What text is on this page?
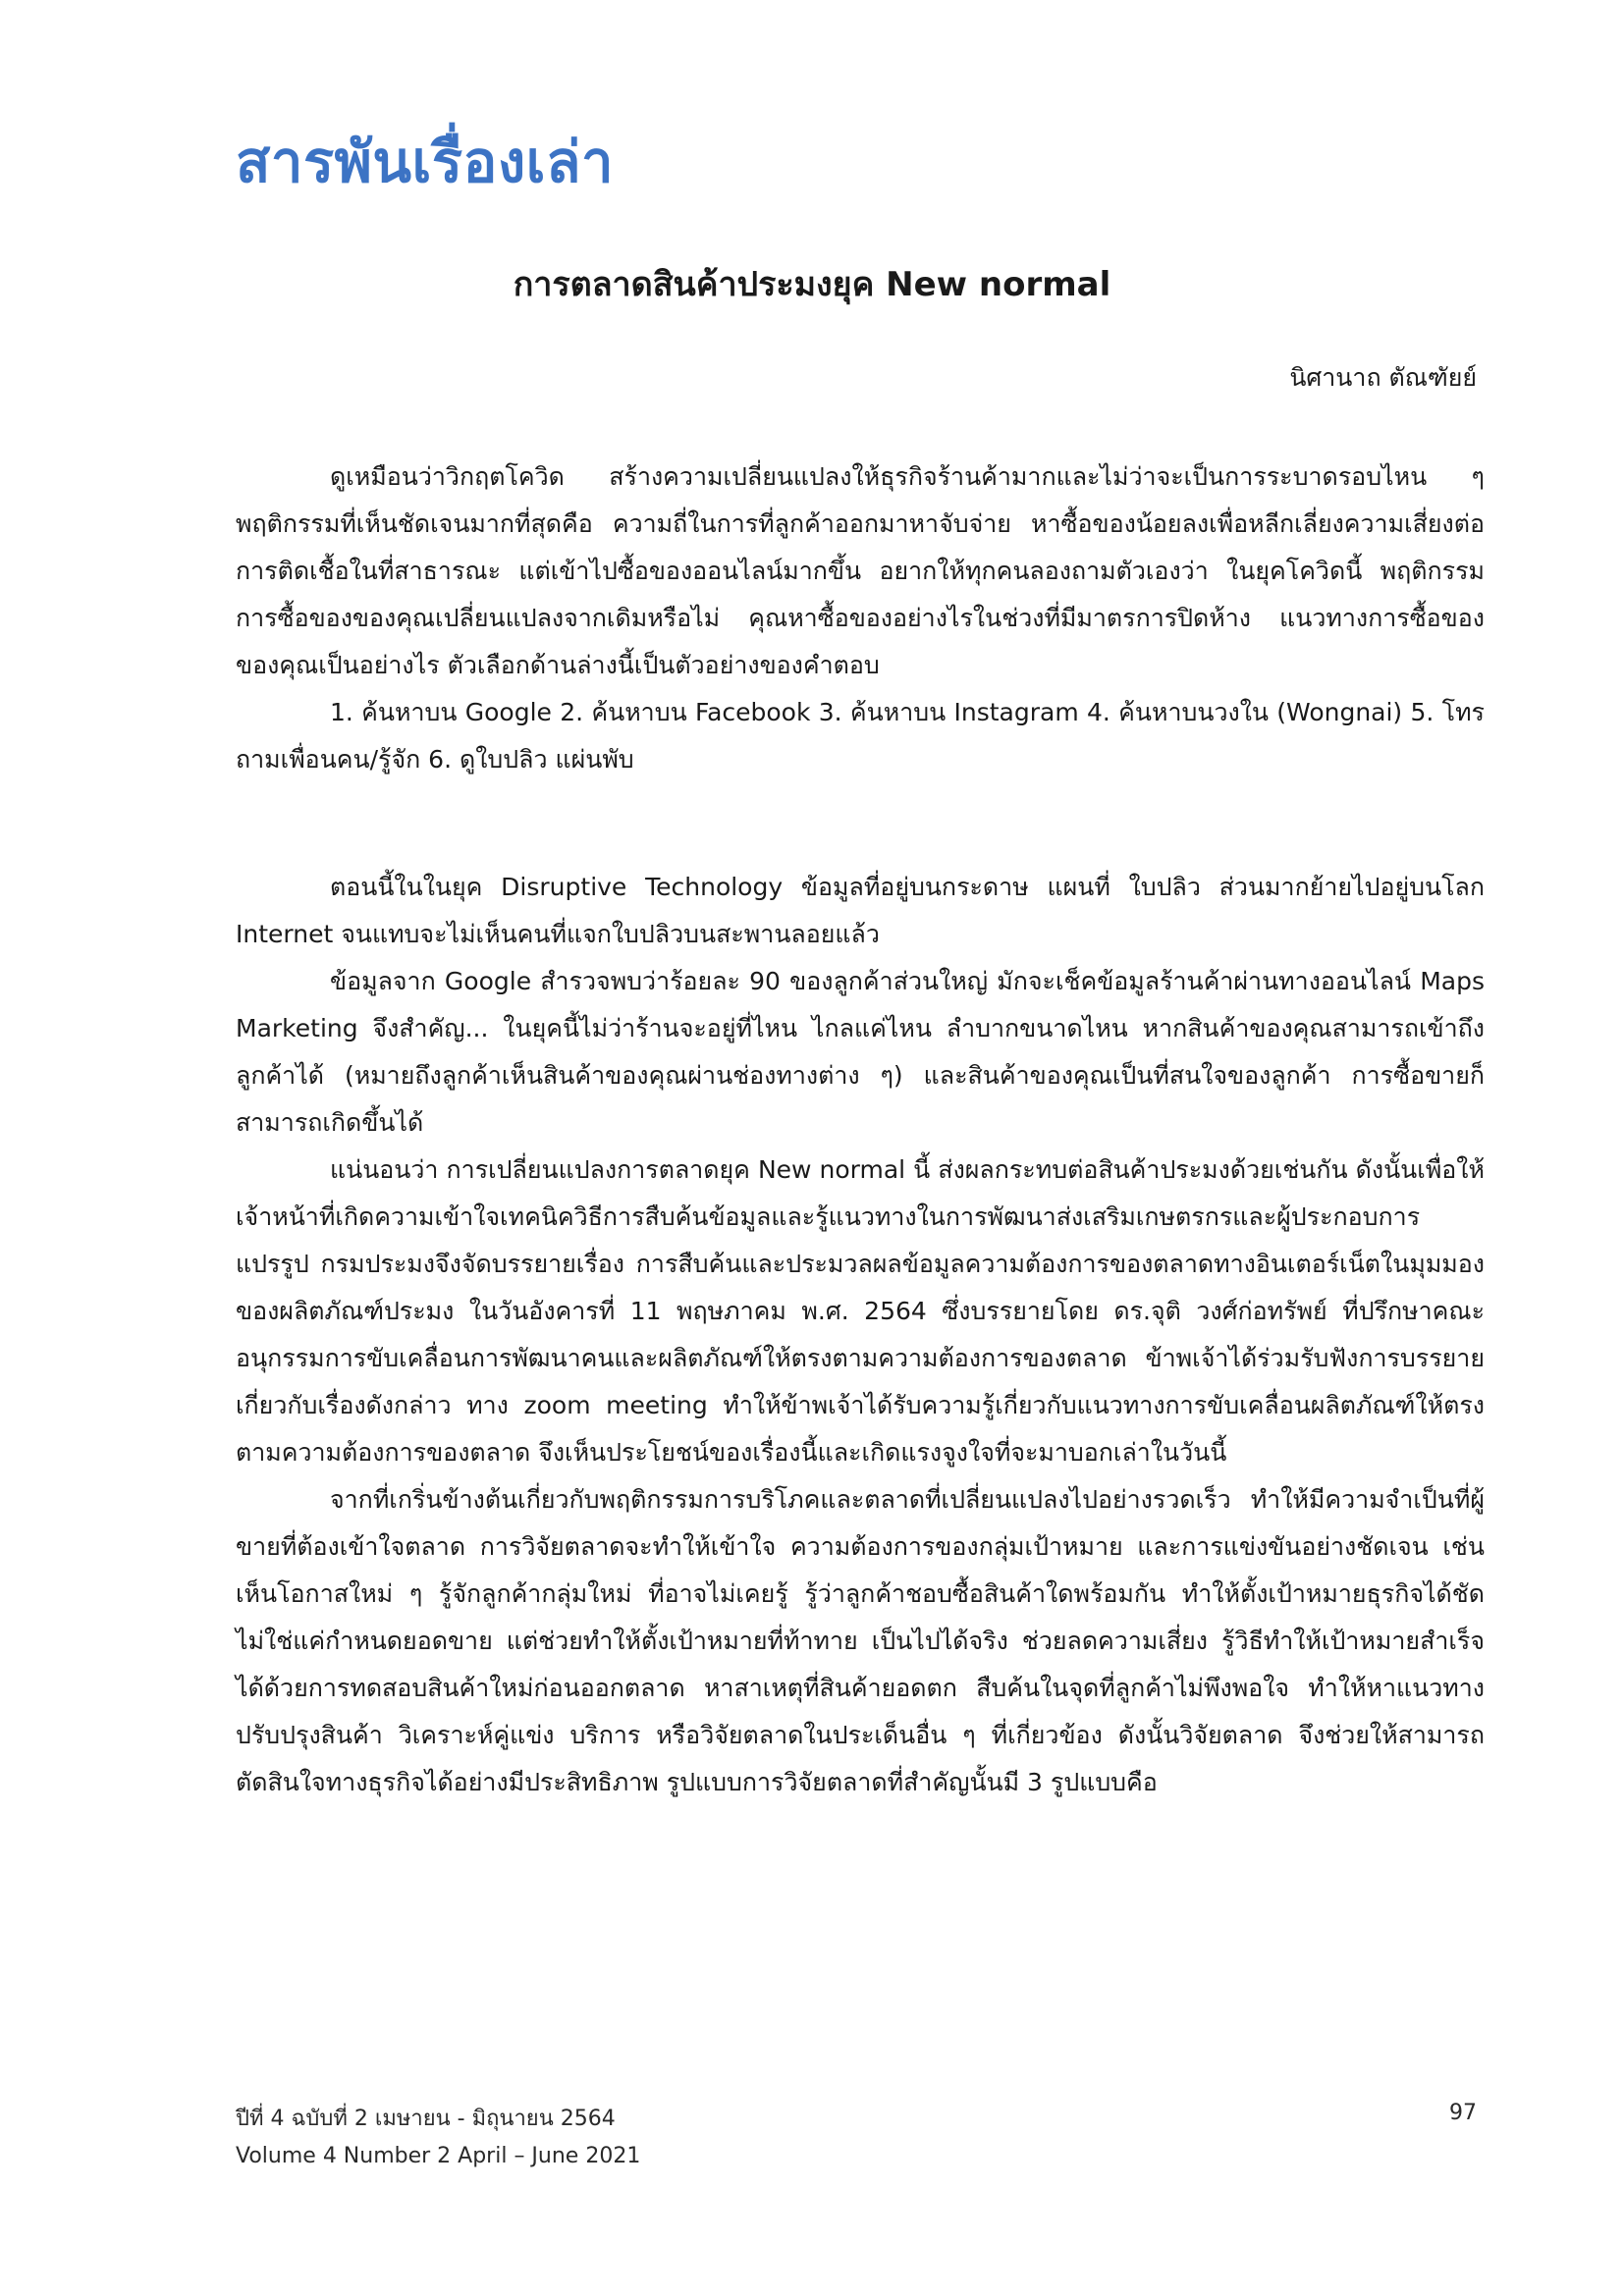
สารพันเรื่องเล่า
การตลาดสินค้าประมงยุค New normal

นิศานาถ ตัณฑัยย์

ดูเหมือนว่าวิกฤตโควิด สร้างความเปลี่ยนแปลงให้ธุรกิจร้านค้ามากและไม่ว่าจะเป็นการระบาดรอบไหน ๆ พฤติกรรมที่เห็นชัดเจนมากที่สุดคือ ความถี่ในการที่ลูกค้าออกมาหาจับจ่าย หาซื้อของน้อยลงเพื่อหลีกเลี่ยงความเสี่ยงต่อการติดเชื้อในที่สาธารณะ แต่เข้าไปซื้อของออนไลน์มากขึ้น อยากให้ทุกคนลองถามตัวเองว่า ในยุคโควิดนี้ พฤติกรรมการซื้อของของคุณเปลี่ยนแปลงจากเดิมหรือไม่ คุณหาซื้อของอย่างไรในช่วงที่มีมาตรการปิดห้าง แนวทางการซื้อของของคุณเป็นอย่างไร ตัวเลือกด้านล่างนี้เป็นตัวอย่างของคำตอบ

1. ค้นหาบน Google 2. ค้นหาบน Facebook 3. ค้นหาบน Instagram 4. ค้นหาบนวงใน (Wongnai) 5. โทรถามเพื่อนคน/รู้จัก 6. ดูใบปลิว แผ่นพับ

ตอนนี้ในในยุค Disruptive Technology ข้อมูลที่อยู่บนกระดาษ แผนที่ ใบปลิว ส่วนมากย้ายไปอยู่บนโลก Internet จนแทบจะไม่เห็นคนที่แจกใบปลิวบนสะพานลอยแล้ว

ข้อมูลจาก Google สำรวจพบว่าร้อยละ 90 ของลูกค้าส่วนใหญ่ มักจะเช็คข้อมูลร้านค้าผ่านทางออนไลน์ Maps Marketing จึงสำคัญ... ในยุคนี้ไม่ว่าร้านจะอยู่ที่ไหน ไกลแค่ไหน ลำบากขนาดไหน หากสินค้าของคุณสามารถเข้าถึงลูกค้าได้ (หมายถึงลูกค้าเห็นสินค้าของคุณผ่านช่องทางต่าง ๆ) และสินค้าของคุณเป็นที่สนใจของลูกค้า การซื้อขายก็สามารถเกิดขึ้นได้

แน่นอนว่า การเปลี่ยนแปลงการตลาดยุค New normal นี้ ส่งผลกระทบต่อสินค้าประมงด้วยเช่นกัน ดังนั้นเพื่อให้เจ้าหน้าที่เกิดความเข้าใจเทคนิควิธีการสืบค้นข้อมูลและรู้แนวทางในการพัฒนาส่งเสริมเกษตรกรและผู้ประกอบการแปรรูป กรมประมงจึงจัดบรรยายเรื่อง การสืบค้นและประมวลผลข้อมูลความต้องการของตลาดทางอินเตอร์เน็ตในมุมมองของผลิตภัณฑ์ประมง ในวันอังคารที่ 11 พฤษภาคม พ.ศ. 2564 ซึ่งบรรยายโดย ดร.จุติ วงศ์ก่อทรัพย์ ที่ปรึกษาคณะอนุกรรมการขับเคลื่อนการพัฒนาคนและผลิตภัณฑ์ให้ตรงตามความต้องการของตลาด ข้าพเจ้าได้ร่วมรับฟังการบรรยายเกี่ยวกับเรื่องดังกล่าว ทาง zoom meeting ทำให้ข้าพเจ้าได้รับความรู้เกี่ยวกับแนวทางการขับเคลื่อนผลิตภัณฑ์ให้ตรงตามความต้องการของตลาด จึงเห็นประโยชน์ของเรื่องนี้และเกิดแรงจูงใจที่จะมาบอกเล่าในวันนี้

จากที่เกริ่นข้างต้นเกี่ยวกับพฤติกรรมการบริโภคและตลาดที่เปลี่ยนแปลงไปอย่างรวดเร็ว ทำให้มีความจำเป็นที่ผู้ขายที่ต้องเข้าใจตลาด การวิจัยตลาดจะทำให้เข้าใจ ความต้องการของกลุ่มเป้าหมาย และการแข่งขันอย่างชัดเจน เช่น เห็นโอกาสใหม่ ๆ รู้จักลูกค้ากลุ่มใหม่ ที่อาจไม่เคยรู้ รู้ว่าลูกค้าชอบซื้อสินค้าใดพร้อมกัน ทำให้ตั้งเป้าหมายธุรกิจได้ชัด ไม่ใช่แค่กำหนดยอดขาย แต่ช่วยทำให้ตั้งเป้าหมายที่ท้าทาย เป็นไปได้จริง ช่วยลดความเสี่ยง รู้วิธีทำให้เป้าหมายสำเร็จได้ด้วยการทดสอบสินค้าใหม่ก่อนออกตลาด หาสาเหตุที่สินค้ายอดตก สืบค้นในจุดที่ลูกค้าไม่พึงพอใจ ทำให้หาแนวทางปรับปรุงสินค้า วิเคราะห์คู่แข่ง บริการ หรือวิจัยตลาดในประเด็นอื่น ๆ ที่เกี่ยวข้อง ดังนั้นวิจัยตลาด จึงช่วยให้สามารถตัดสินใจทางธุรกิจได้อย่างมีประสิทธิภาพ รูปแบบการวิจัยตลาดที่สำคัญนั้นมี 3 รูปแบบคือ

ปีที่ 4 ฉบับที่ 2 เมษายน - มิถุนายน 2564
Volume 4 Number 2 April – June 2021
97
